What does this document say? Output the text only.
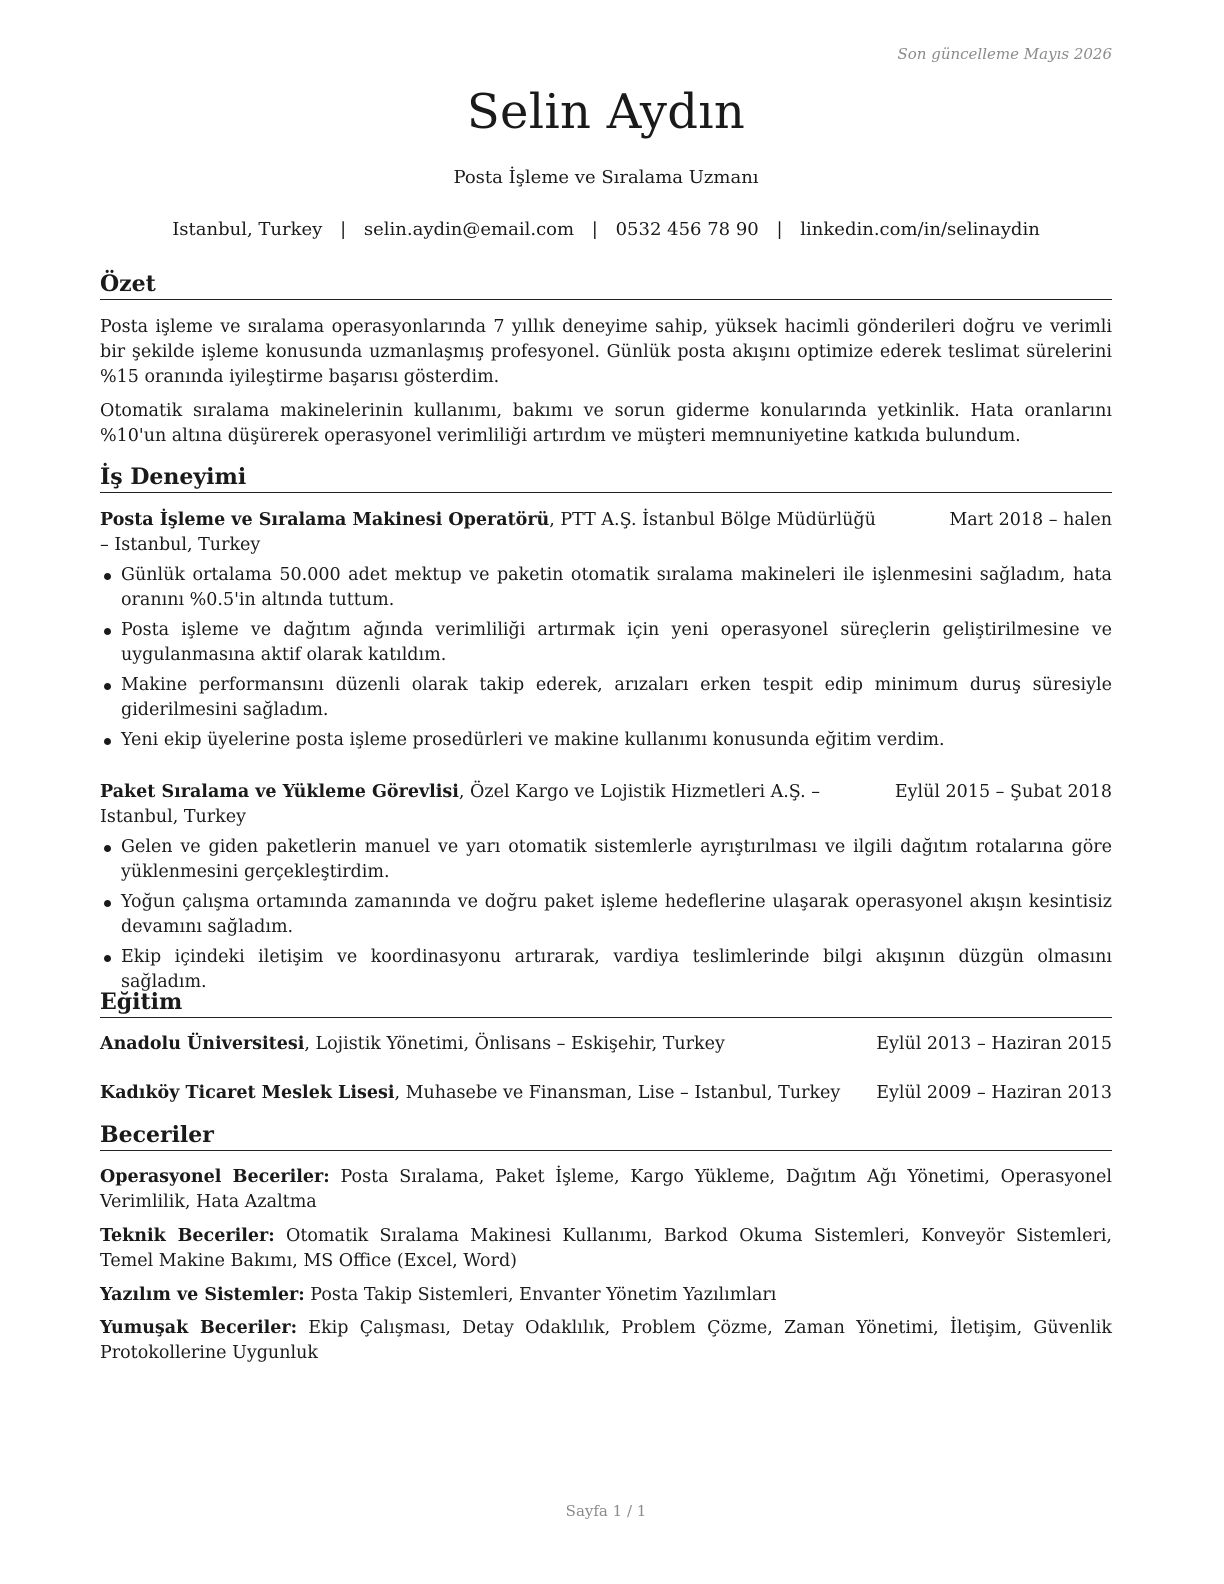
Son güncelleme Mayıs 2026
Selin Aydın
Posta İşleme ve Sıralama Uzmanı
Istanbul, Turkey | selin.aydin@email.com | 0532 456 78 90 | linkedin.com/in/selinaydin
Özet
Posta işleme ve sıralama operasyonlarında 7 yıllık deneyime sahip, yüksek hacimli gönderileri doğru ve verimli bir şekilde işleme konusunda uzmanlaşmış profesyonel. Günlük posta akışını optimize ederek teslimat sürelerini %15 oranında iyileştirme başarısı gösterdim.
Otomatik sıralama makinelerinin kullanımı, bakımı ve sorun giderme konularında yetkinlik. Hata oranlarını %10'un altına düşürerek operasyonel verimliliği artırdım ve müşteri memnuniyetine katkıda bulundum.
İş Deneyimi
Posta İşleme ve Sıralama Makinesi Operatörü, PTT A.Ş. İstanbul Bölge Müdürlüğü – Istanbul, Turkey
Mart 2018 – halen
Günlük ortalama 50.000 adet mektup ve paketin otomatik sıralama makineleri ile işlenmesini sağladım, hata oranını %0.5'in altında tuttum.
Posta işleme ve dağıtım ağında verimliliği artırmak için yeni operasyonel süreçlerin geliştirilmesine ve uygulanmasına aktif olarak katıldım.
Makine performansını düzenli olarak takip ederek, arızaları erken tespit edip minimum duruş süresiyle giderilmesini sağladım.
Yeni ekip üyelerine posta işleme prosedürleri ve makine kullanımı konusunda eğitim verdim.
Paket Sıralama ve Yükleme Görevlisi, Özel Kargo ve Lojistik Hizmetleri A.Ş. – Istanbul, Turkey
Eylül 2015 – Şubat 2018
Gelen ve giden paketlerin manuel ve yarı otomatik sistemlerle ayrıştırılması ve ilgili dağıtım rotalarına göre yüklenmesini gerçekleştirdim.
Yoğun çalışma ortamında zamanında ve doğru paket işleme hedeflerine ulaşarak operasyonel akışın kesintisiz devamını sağladım.
Ekip içindeki iletişim ve koordinasyonu artırarak, vardiya teslimlerinde bilgi akışının düzgün olmasını sağladım.
Eğitim
Anadolu Üniversitesi, Lojistik Yönetimi, Önlisans – Eskişehir, Turkey	Eylül 2013 – Haziran 2015
Kadıköy Ticaret Meslek Lisesi, Muhasebe ve Finansman, Lise – Istanbul, Turkey Eylül 2009 – Haziran 2013
Beceriler
Operasyonel Beceriler: Posta Sıralama, Paket İşleme, Kargo Yükleme, Dağıtım Ağı Yönetimi, Operasyonel Verimlilik, Hata Azaltma
Teknik Beceriler: Otomatik Sıralama Makinesi Kullanımı, Barkod Okuma Sistemleri, Konveyör Sistemleri, Temel Makine Bakımı, MS Office (Excel, Word)
Yazılım ve Sistemler: Posta Takip Sistemleri, Envanter Yönetim Yazılımları
Yumuşak Beceriler: Ekip Çalışması, Detay Odaklılık, Problem Çözme, Zaman Yönetimi, İletişim, Güvenlik Protokollerine Uygunluk
Sayfa 1 / 1
